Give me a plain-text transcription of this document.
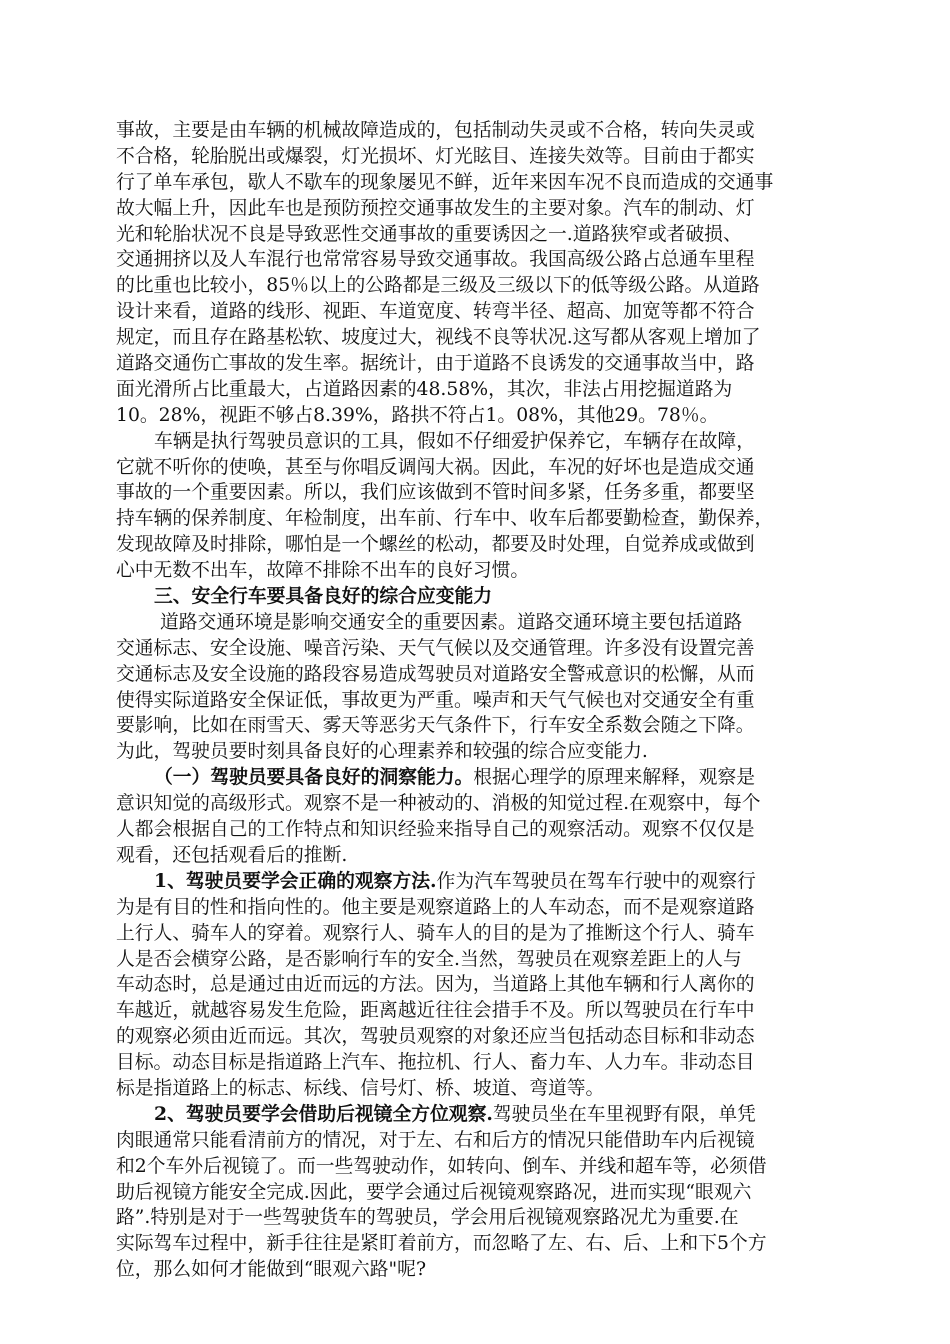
事故，主要是由车辆的机械故障造成的，包括制动失灵或不合格，转向失灵或
不合格，轮胎脱出或爆裂，灯光损坏、灯光眩目、连接失效等。目前由于都实
行了单车承包，歇人不歇车的现象屡见不鲜，近年来因车况不良而造成的交通事
故大幅上升，因此车也是预防预控交通事故发生的主要对象。汽车的制动、灯
光和轮胎状况不良是导致恶性交通事故的重要诱因之一.道路狭窄或者破损、
交通拥挤以及人车混行也常常容易导致交通事故。我国高级公路占总通车里程
的比重也比较小，85％以上的公路都是三级及三级以下的低等级公路。从道路
设计来看，道路的线形、视距、车道宽度、转弯半径、超高、加宽等都不符合
规定，而且存在路基松软、坡度过大，视线不良等状况.这写都从客观上增加了
道路交通伤亡事故的发生率。据统计，由于道路不良诱发的交通事故当中，路
面光滑所占比重最大，占道路因素的48.58%，其次，非法占用挖掘道路为
10。28%，视距不够占8.39%，路拱不符占1。08%，其他29。78％。
车辆是执行驾驶员意识的工具，假如不仔细爱护保养它，车辆存在故障，
它就不听你的使唤，甚至与你唱反调闯大祸。因此，车况的好坏也是造成交通
事故的一个重要因素。所以，我们应该做到不管时间多紧，任务多重，都要坚
持车辆的保养制度、年检制度，出车前、行车中、收车后都要勤检查，勤保养，
发现故障及时排除，哪怕是一个螺丝的松动，都要及时处理，自觉养成或做到
心中无数不出车，故障不排除不出车的良好习惯。
三、安全行车要具备良好的综合应变能力
道路交通环境是影响交通安全的重要因素。道路交通环境主要包括道路
交通标志、安全设施、噪音污染、天气气候以及交通管理。许多没有设置完善
交通标志及安全设施的路段容易造成驾驶员对道路安全警戒意识的松懈，从而
使得实际道路安全保证低，事故更为严重。噪声和天气气候也对交通安全有重
要影响，比如在雨雪天、雾天等恶劣天气条件下，行车安全系数会随之下降。
为此，驾驶员要时刻具备良好的心理素养和较强的综合应变能力.
（一）驾驶员要具备良好的洞察能力。根据心理学的原理来解释，观察是
意识知觉的高级形式。观察不是一种被动的、消极的知觉过程.在观察中，每个
人都会根据自己的工作特点和知识经验来指导自己的观察活动。观察不仅仅是
观看，还包括观看后的推断.
1、驾驶员要学会正确的观察方法.作为汽车驾驶员在驾车行驶中的观察行
为是有目的性和指向性的。他主要是观察道路上的人车动态，而不是观察道路
上行人、骑车人的穿着。观察行人、骑车人的目的是为了推断这个行人、骑车
人是否会横穿公路，是否影响行车的安全.当然，驾驶员在观察差距上的人与
车动态时，总是通过由近而远的方法。因为，当道路上其他车辆和行人离你的
车越近，就越容易发生危险，距离越近往往会措手不及。所以驾驶员在行车中
的观察必须由近而远。其次，驾驶员观察的对象还应当包括动态目标和非动态
目标。动态目标是指道路上汽车、拖拉机、行人、畜力车、人力车。非动态目
标是指道路上的标志、标线、信号灯、桥、坡道、弯道等。
2、驾驶员要学会借助后视镜全方位观察.驾驶员坐在车里视野有限，单凭
肉眼通常只能看清前方的情况，对于左、右和后方的情况只能借助车内后视镜
和2个车外后视镜了。而一些驾驶动作，如转向、倒车、并线和超车等，必须借
助后视镜方能安全完成.因此，要学会通过后视镜观察路况，进而实现“眼观六
路”.特别是对于一些驾驶货车的驾驶员，学会用后视镜观察路况尤为重要.在
实际驾车过程中，新手往往是紧盯着前方，而忽略了左、右、后、上和下5个方
位，那么如何才能做到“眼观六路"呢?
